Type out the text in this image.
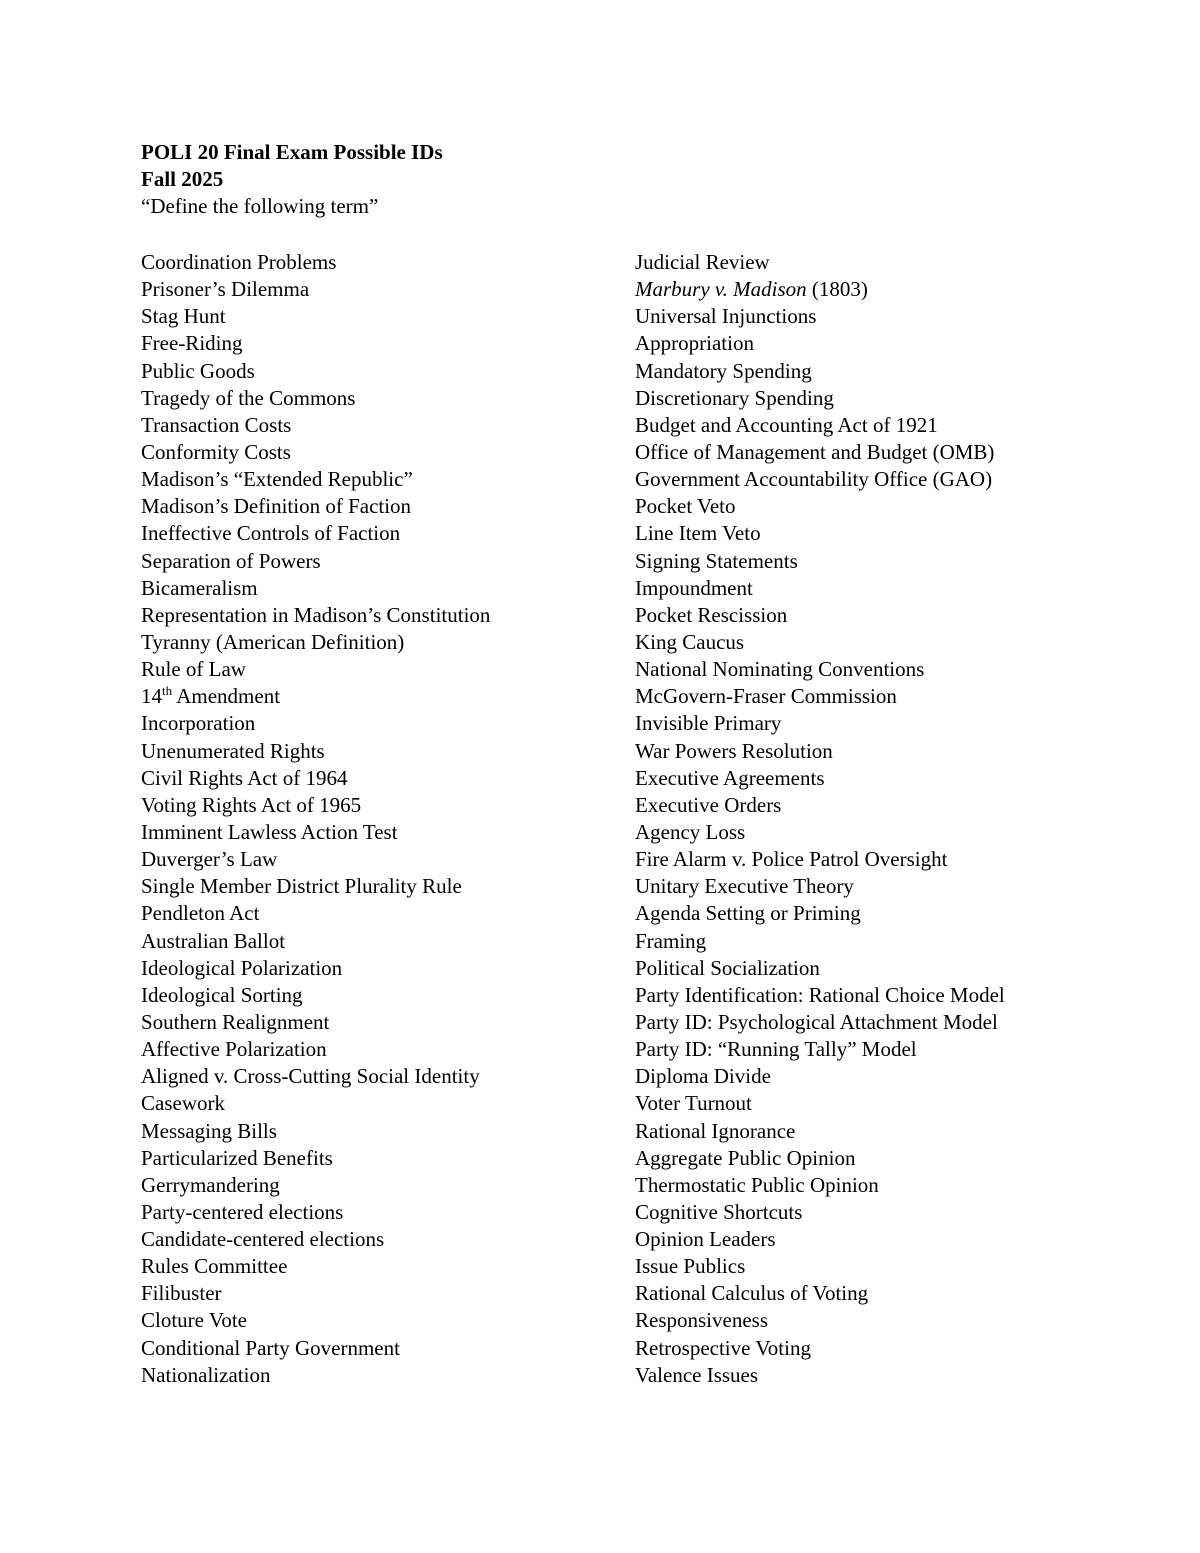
POLI 20 Final Exam Possible IDs
Fall 2025
“Define the following term”
Coordination Problems
Prisoner’s Dilemma
Stag Hunt
Free-Riding
Public Goods
Tragedy of the Commons
Transaction Costs
Conformity Costs
Madison’s “Extended Republic”
Madison’s Definition of Faction
Ineffective Controls of Faction
Separation of Powers
Bicameralism
Representation in Madison’s Constitution
Tyranny (American Definition)
Rule of Law
14th Amendment
Incorporation
Unenumerated Rights
Civil Rights Act of 1964
Voting Rights Act of 1965
Imminent Lawless Action Test
Duverger’s Law
Single Member District Plurality Rule
Pendleton Act
Australian Ballot
Ideological Polarization
Ideological Sorting
Southern Realignment
Affective Polarization
Aligned v. Cross-Cutting Social Identity
Casework
Messaging Bills
Particularized Benefits
Gerrymandering
Party-centered elections
Candidate-centered elections
Rules Committee
Filibuster
Cloture Vote
Conditional Party Government
Nationalization
Judicial Review
Marbury v. Madison (1803)
Universal Injunctions
Appropriation
Mandatory Spending
Discretionary Spending
Budget and Accounting Act of 1921
Office of Management and Budget (OMB)
Government Accountability Office (GAO)
Pocket Veto
Line Item Veto
Signing Statements
Impoundment
Pocket Rescission
King Caucus
National Nominating Conventions
McGovern-Fraser Commission
Invisible Primary
War Powers Resolution
Executive Agreements
Executive Orders
Agency Loss
Fire Alarm v. Police Patrol Oversight
Unitary Executive Theory
Agenda Setting or Priming
Framing
Political Socialization
Party Identification: Rational Choice Model
Party ID: Psychological Attachment Model
Party ID: “Running Tally” Model
Diploma Divide
Voter Turnout
Rational Ignorance
Aggregate Public Opinion
Thermostatic Public Opinion
Cognitive Shortcuts
Opinion Leaders
Issue Publics
Rational Calculus of Voting
Responsiveness
Retrospective Voting
Valence Issues
